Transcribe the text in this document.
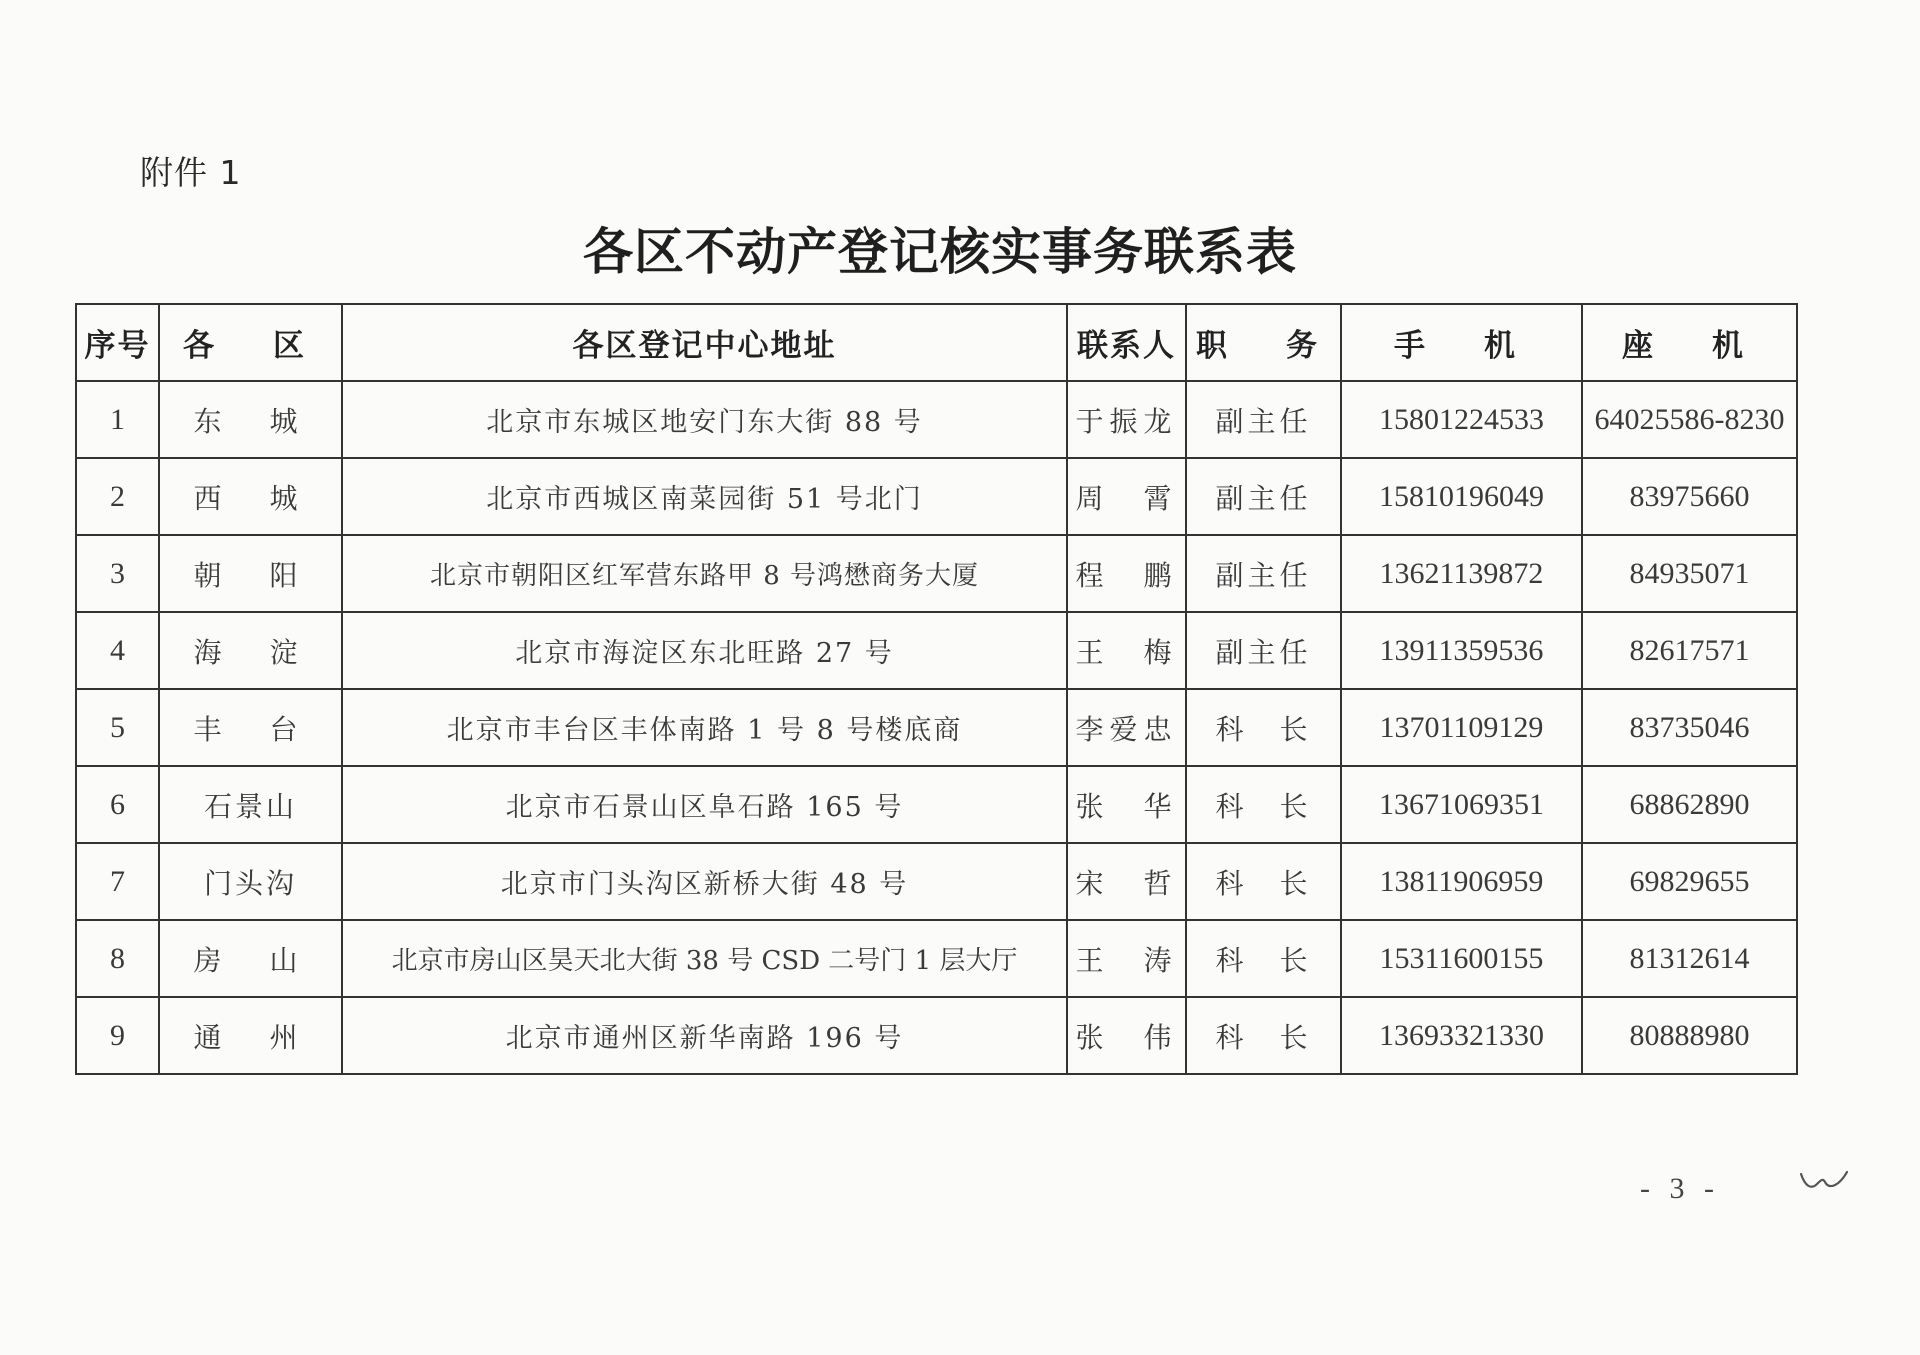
附件 1
各区不动产登记核实事务联系表
序号	各　区	各区登记中心地址	联系人	职　务	手　机	座　机
1	东　城	北京市东城区地安门东大街 88 号	于振龙	副主任	15801224533	64025586-8230
2	西　城	北京市西城区南菜园街 51 号北门	周　霄	副主任	15810196049	83975660
3	朝　阳	北京市朝阳区红军营东路甲 8 号鸿懋商务大厦	程　鹏	副主任	13621139872	84935071
4	海　淀	北京市海淀区东北旺路 27 号	王　梅	副主任	13911359536	82617571
5	丰　台	北京市丰台区丰体南路 1 号 8 号楼底商	李爱忠	科　长	13701109129	83735046
6	石景山	北京市石景山区阜石路 165 号	张　华	科　长	13671069351	68862890
7	门头沟	北京市门头沟区新桥大街 48 号	宋　哲	科　长	13811906959	69829655
8	房　山	北京市房山区昊天北大街 38 号 CSD 二号门 1 层大厅	王　涛	科　长	15311600155	81312614
9	通　州	北京市通州区新华南路 196 号	张　伟	科　长	13693321330	80888980
- 3 -
